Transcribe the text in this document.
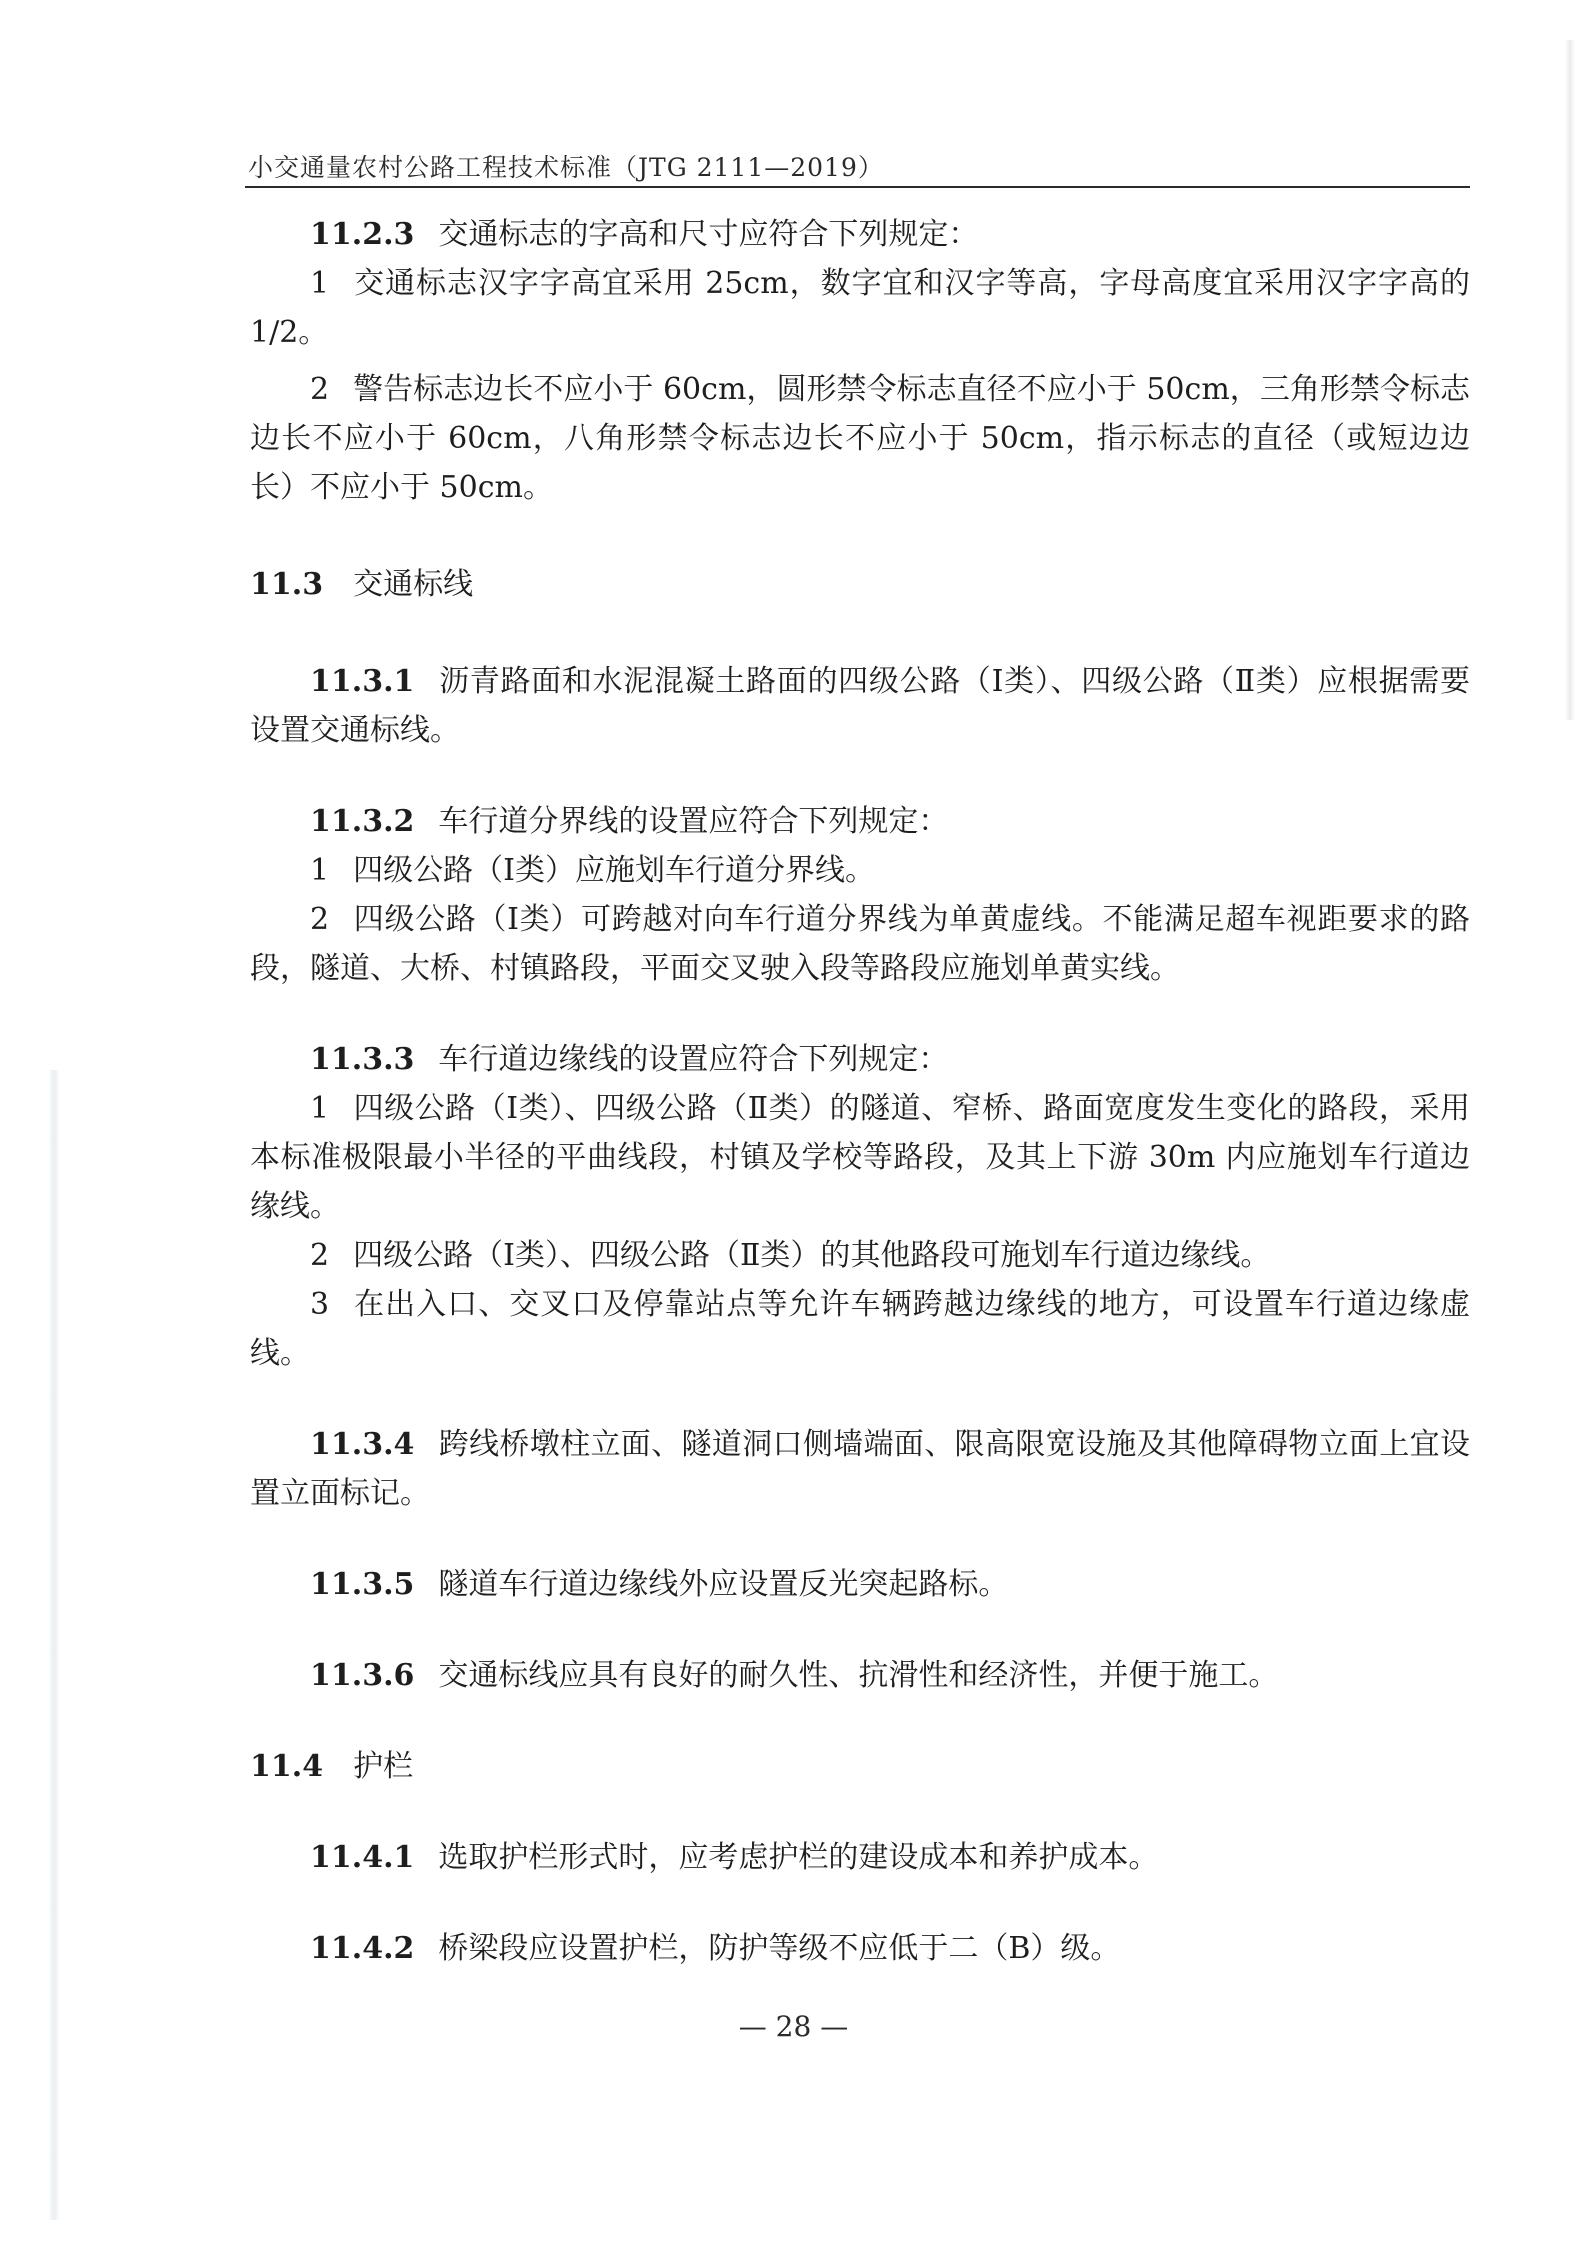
小交通量农村公路工程技术标准（JTG 2111—2019）

11.2.3 交通标志的字高和尺寸应符合下列规定：

1 交通标志汉字字高宜采用 25cm，数字宜和汉字等高，字母高度宜采用汉字字高的 1/2。

2 警告标志边长不应小于 60cm，圆形禁令标志直径不应小于 50cm，三角形禁令标志边长不应小于 60cm，八角形禁令标志边长不应小于 50cm，指示标志的直径（或短边边长）不应小于 50cm。

11.3 交通标线

11.3.1 沥青路面和水泥混凝土路面的四级公路（Ⅰ类）、四级公路（Ⅱ类）应根据需要设置交通标线。

11.3.2 车行道分界线的设置应符合下列规定：

1 四级公路（Ⅰ类）应施划车行道分界线。

2 四级公路（Ⅰ类）可跨越对向车行道分界线为单黄虚线。不能满足超车视距要求的路段，隧道、大桥、村镇路段，平面交叉驶入段等路段应施划单黄实线。

11.3.3 车行道边缘线的设置应符合下列规定：

1 四级公路（Ⅰ类）、四级公路（Ⅱ类）的隧道、窄桥、路面宽度发生变化的路段，采用本标准极限最小半径的平曲线段，村镇及学校等路段，及其上下游 30m 内应施划车行道边缘线。

2 四级公路（Ⅰ类）、四级公路（Ⅱ类）的其他路段可施划车行道边缘线。

3 在出入口、交叉口及停靠站点等允许车辆跨越边缘线的地方，可设置车行道边缘虚线。

11.3.4 跨线桥墩柱立面、隧道洞口侧墙端面、限高限宽设施及其他障碍物立面上宜设置立面标记。

11.3.5 隧道车行道边缘线外应设置反光突起路标。

11.3.6 交通标线应具有良好的耐久性、抗滑性和经济性，并便于施工。

11.4 护栏

11.4.1 选取护栏形式时，应考虑护栏的建设成本和养护成本。

11.4.2 桥梁段应设置护栏，防护等级不应低于二（B）级。

— 28 —
